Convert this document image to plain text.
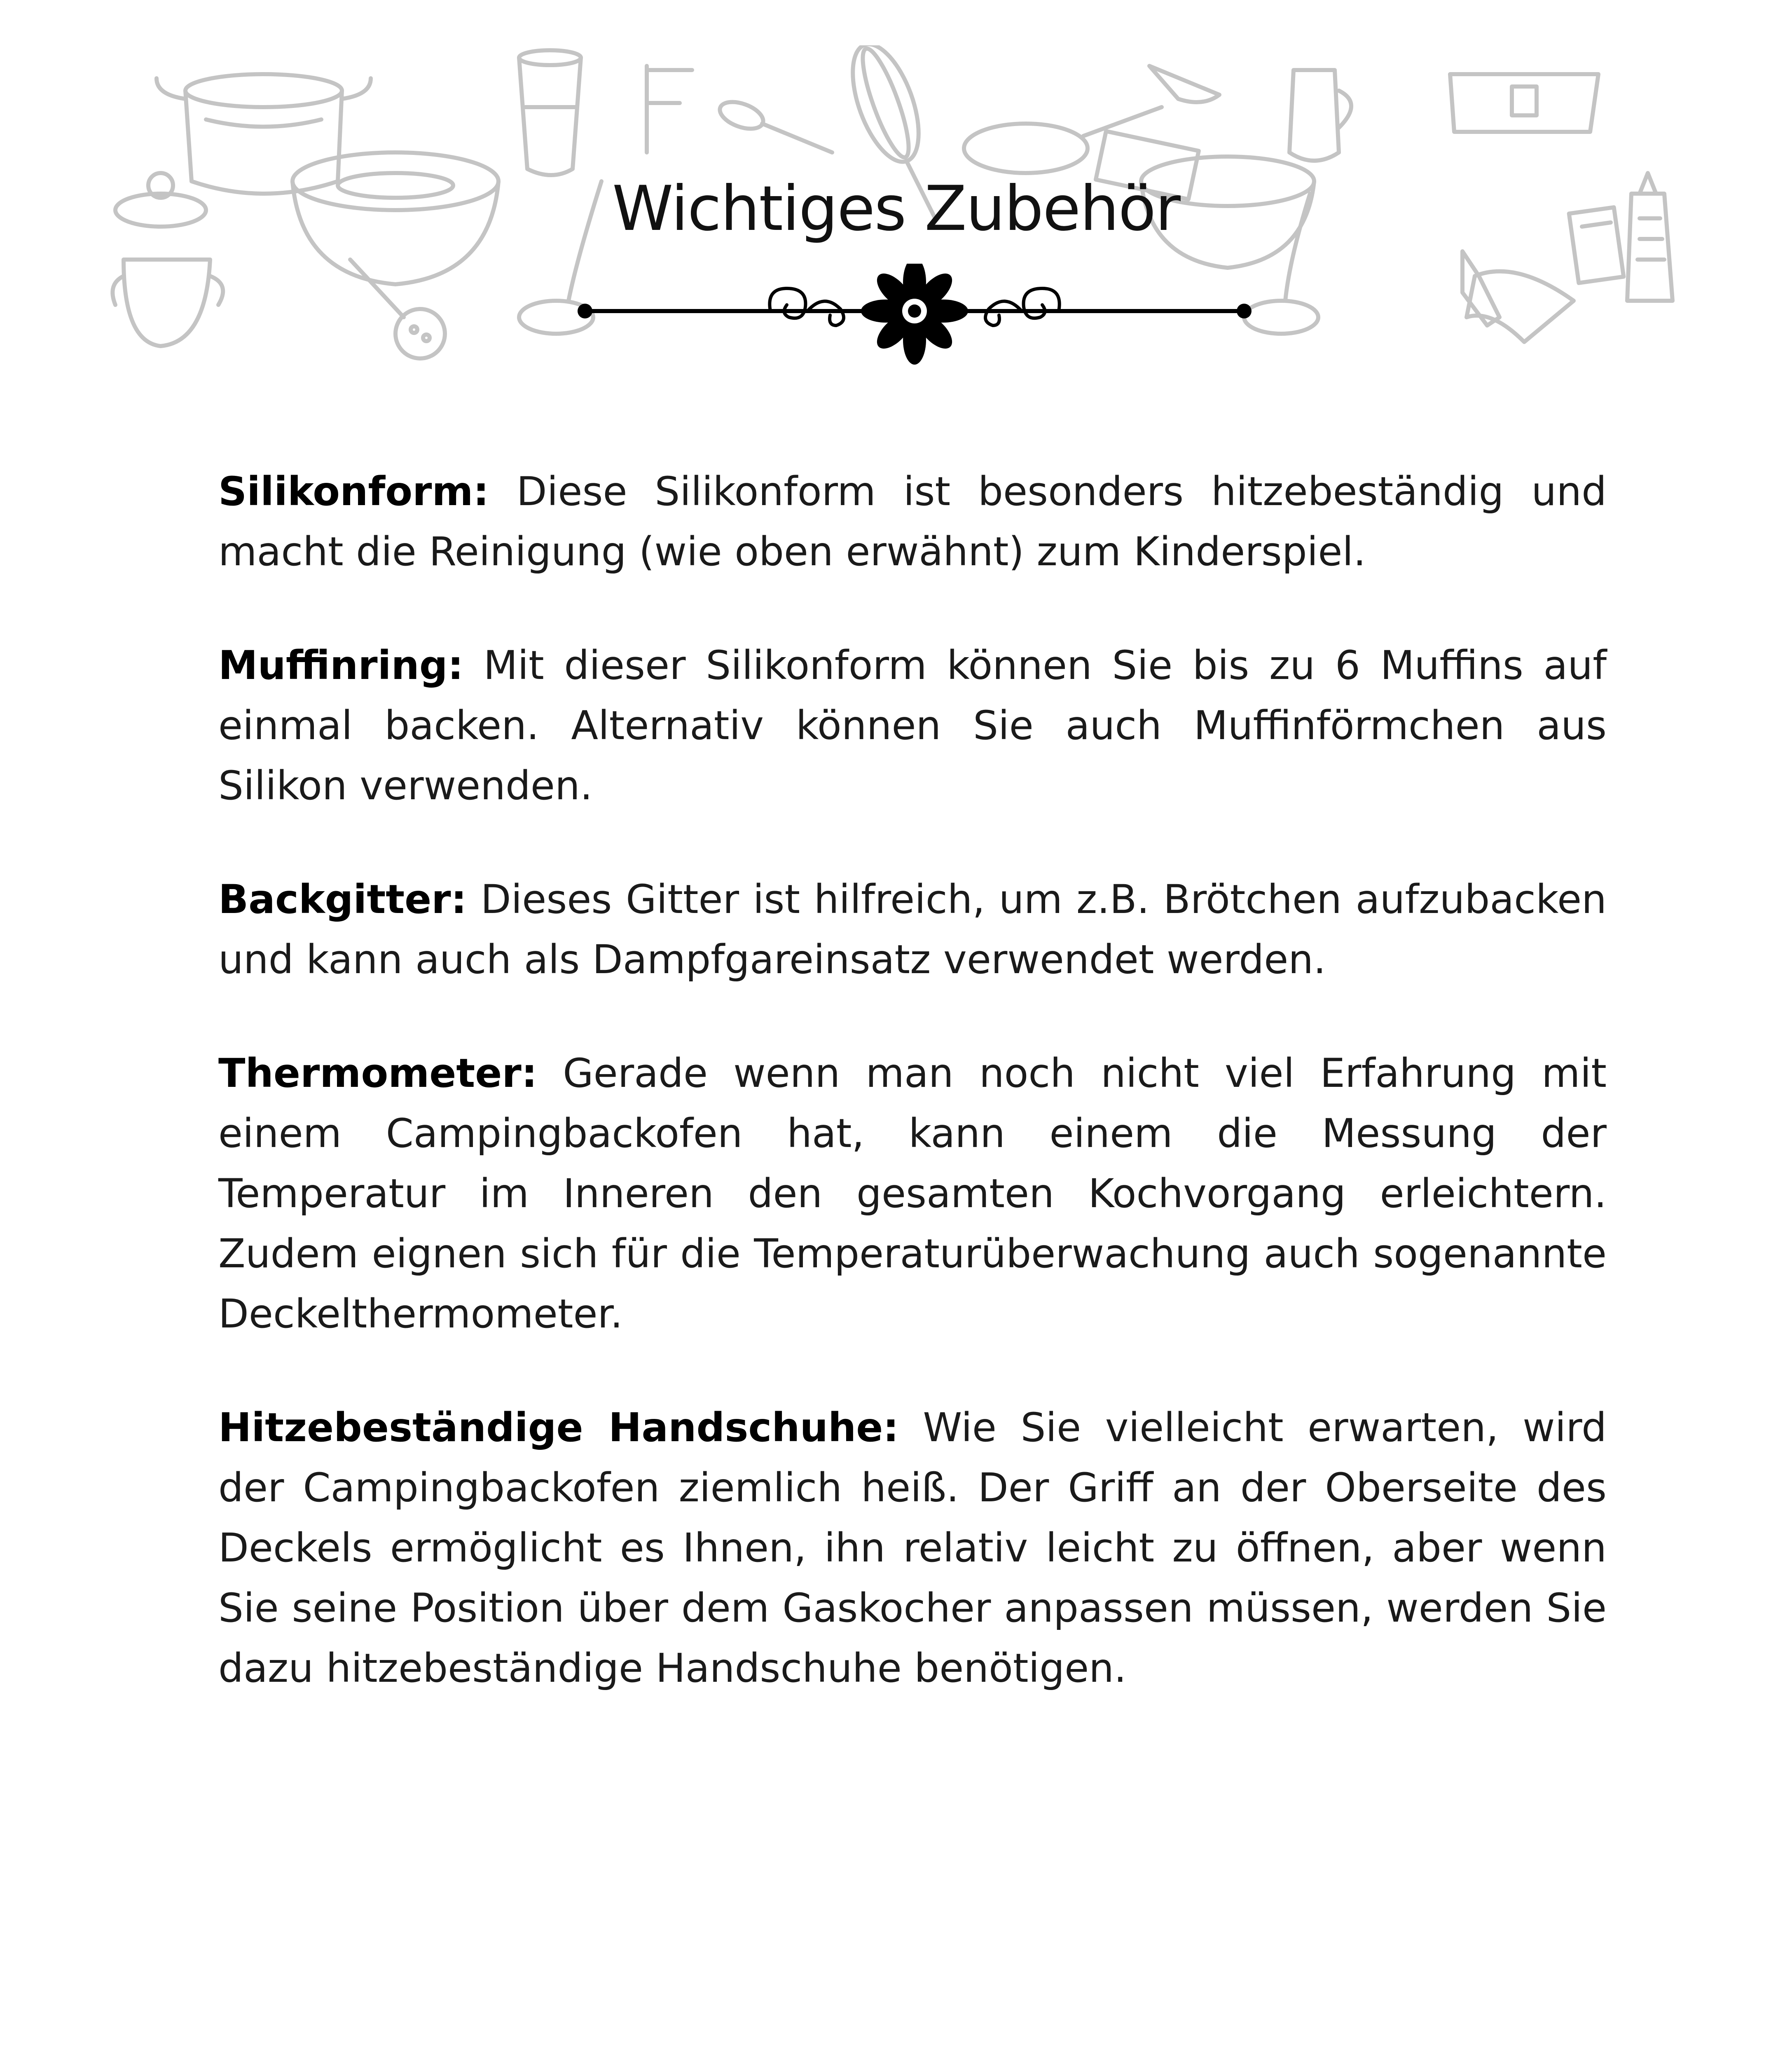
Wichtiges Zubehör

Silikonform: Diese Silikonform ist besonders hitzebeständig und macht die Reinigung (wie oben erwähnt) zum Kinderspiel.

Muffinring: Mit dieser Silikonform können Sie bis zu 6 Muffins auf einmal backen. Alternativ können Sie auch Muffinförmchen aus Silikon verwenden.

Backgitter: Dieses Gitter ist hilfreich, um z.B. Brötchen aufzubacken und kann auch als Dampfgareinsatz verwendet werden.

Thermometer: Gerade wenn man noch nicht viel Erfahrung mit einem Campingbackofen hat, kann einem die Messung der Temperatur im Inneren den gesamten Kochvorgang erleichtern. Zudem eignen sich für die Temperaturüberwachung auch sogenannte Deckelthermometer.

Hitzebeständige Handschuhe: Wie Sie vielleicht erwarten, wird der Campingbackofen ziemlich heiß. Der Griff an der Oberseite des Deckels ermöglicht es Ihnen, ihn relativ leicht zu öffnen, aber wenn Sie seine Position über dem Gaskocher anpassen müssen, werden Sie dazu hitzebeständige Handschuhe benötigen.
